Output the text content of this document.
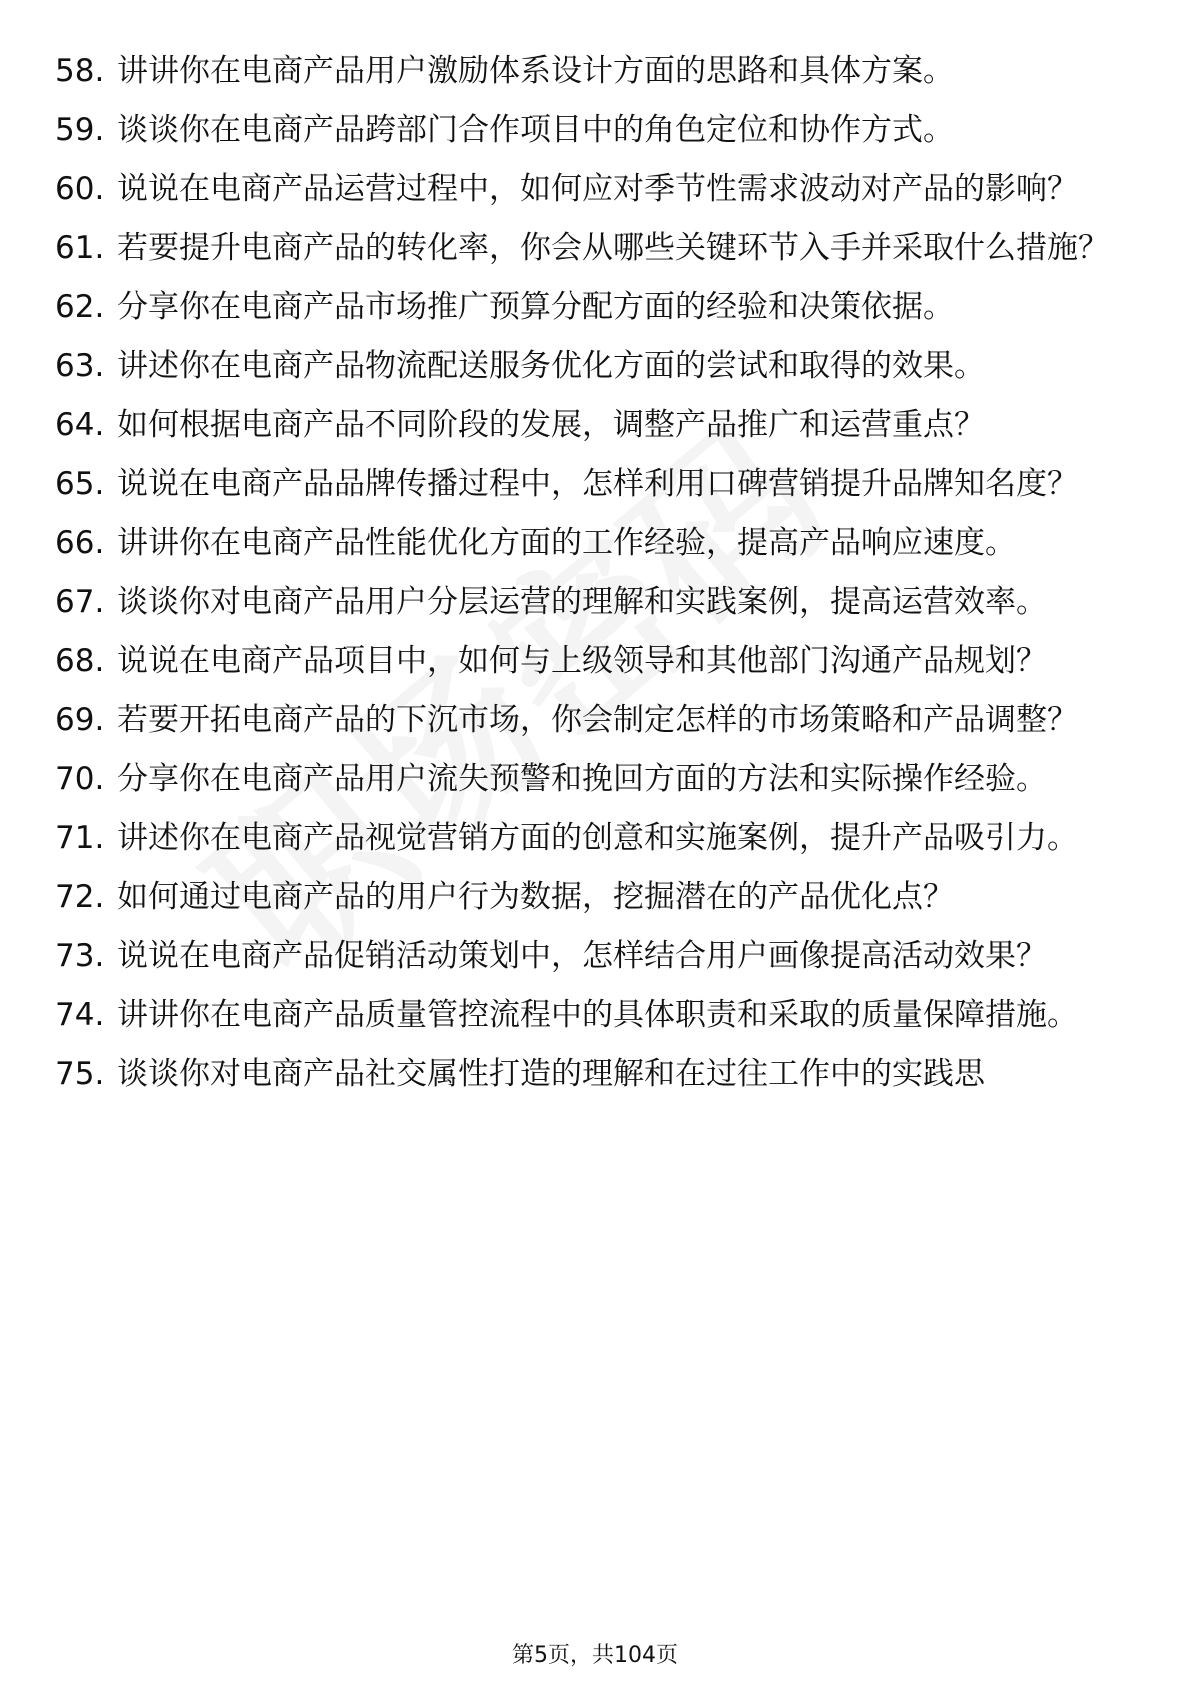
58. 讲讲你在电商产品用户激励体系设计方面的思路和具体方案。
59. 谈谈你在电商产品跨部门合作项目中的角色定位和协作方式。
60. 说说在电商产品运营过程中，如何应对季节性需求波动对产品的影响？
61. 若要提升电商产品的转化率，你会从哪些关键环节入手并采取什么措施？
62. 分享你在电商产品市场推广预算分配方面的经验和决策依据。
63. 讲述你在电商产品物流配送服务优化方面的尝试和取得的效果。
64. 如何根据电商产品不同阶段的发展，调整产品推广和运营重点？
65. 说说在电商产品品牌传播过程中，怎样利用口碑营销提升品牌知名度？
66. 讲讲你在电商产品性能优化方面的工作经验，提高产品响应速度。
67. 谈谈你对电商产品用户分层运营的理解和实践案例，提高运营效率。
68. 说说在电商产品项目中，如何与上级领导和其他部门沟通产品规划？
69. 若要开拓电商产品的下沉市场，你会制定怎样的市场策略和产品调整？
70. 分享你在电商产品用户流失预警和挽回方面的方法和实际操作经验。
71. 讲述你在电商产品视觉营销方面的创意和实施案例，提升产品吸引力。
72. 如何通过电商产品的用户行为数据，挖掘潜在的产品优化点？
73. 说说在电商产品促销活动策划中，怎样结合用户画像提高活动效果？
74. 讲讲你在电商产品质量管控流程中的具体职责和采取的质量保障措施。
75. 谈谈你对电商产品社交属性打造的理解和在过往工作中的实践思
第5页，共104页
